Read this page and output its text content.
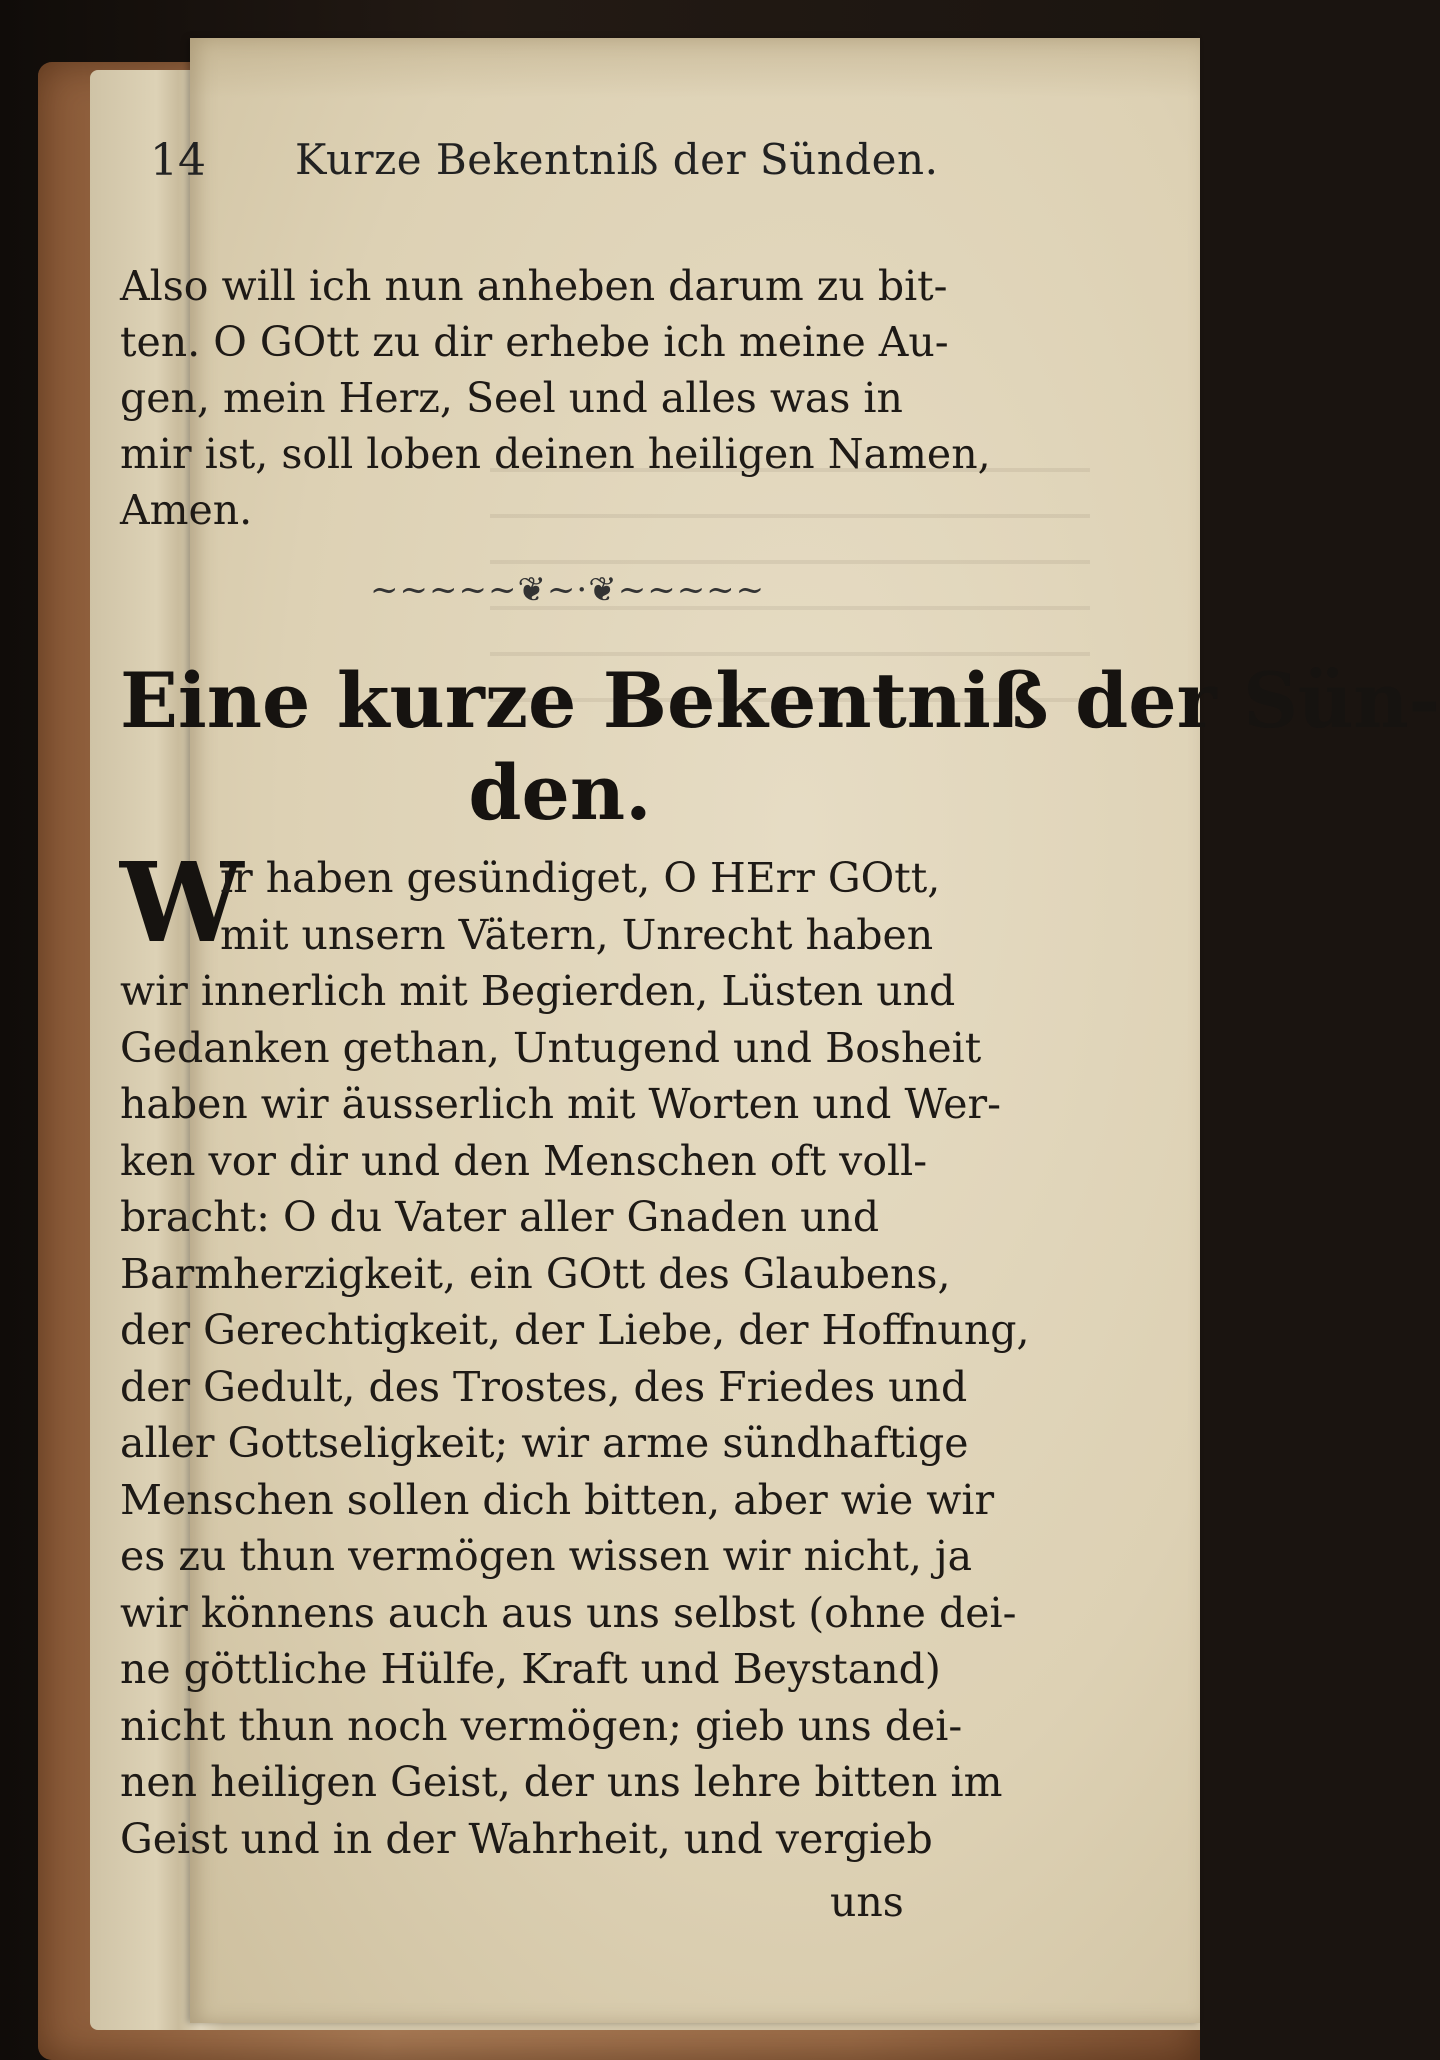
14 Kurze Bekentniß der Sünden.
Also will ich nun anheben darum zu bit-
ten. O GOtt zu dir erhebe ich meine Au-
gen, mein Herz, Seel und alles was in
mir ist, soll loben deinen heiligen Namen,
Amen.
~~~~~❦~·❦~~~~~
Eine kurze Bekentniß der Sün-
den.
W
ir haben gesündiget, O HErr GOtt,
mit unsern Vätern, Unrecht haben
wir innerlich mit Begierden, Lüsten und
Gedanken gethan, Untugend und Bosheit
haben wir äusserlich mit Worten und Wer-
ken vor dir und den Menschen oft voll-
bracht: O du Vater aller Gnaden und
Barmherzigkeit, ein GOtt des Glaubens,
der Gerechtigkeit, der Liebe, der Hoffnung,
der Gedult, des Trostes, des Friedes und
aller Gottseligkeit; wir arme sündhaftige
Menschen sollen dich bitten, aber wie wir
es zu thun vermögen wissen wir nicht, ja
wir könnens auch aus uns selbst (ohne dei-
ne göttliche Hülfe, Kraft und Beystand)
nicht thun noch vermögen; gieb uns dei-
nen heiligen Geist, der uns lehre bitten im
Geist und in der Wahrheit, und vergieb
uns
